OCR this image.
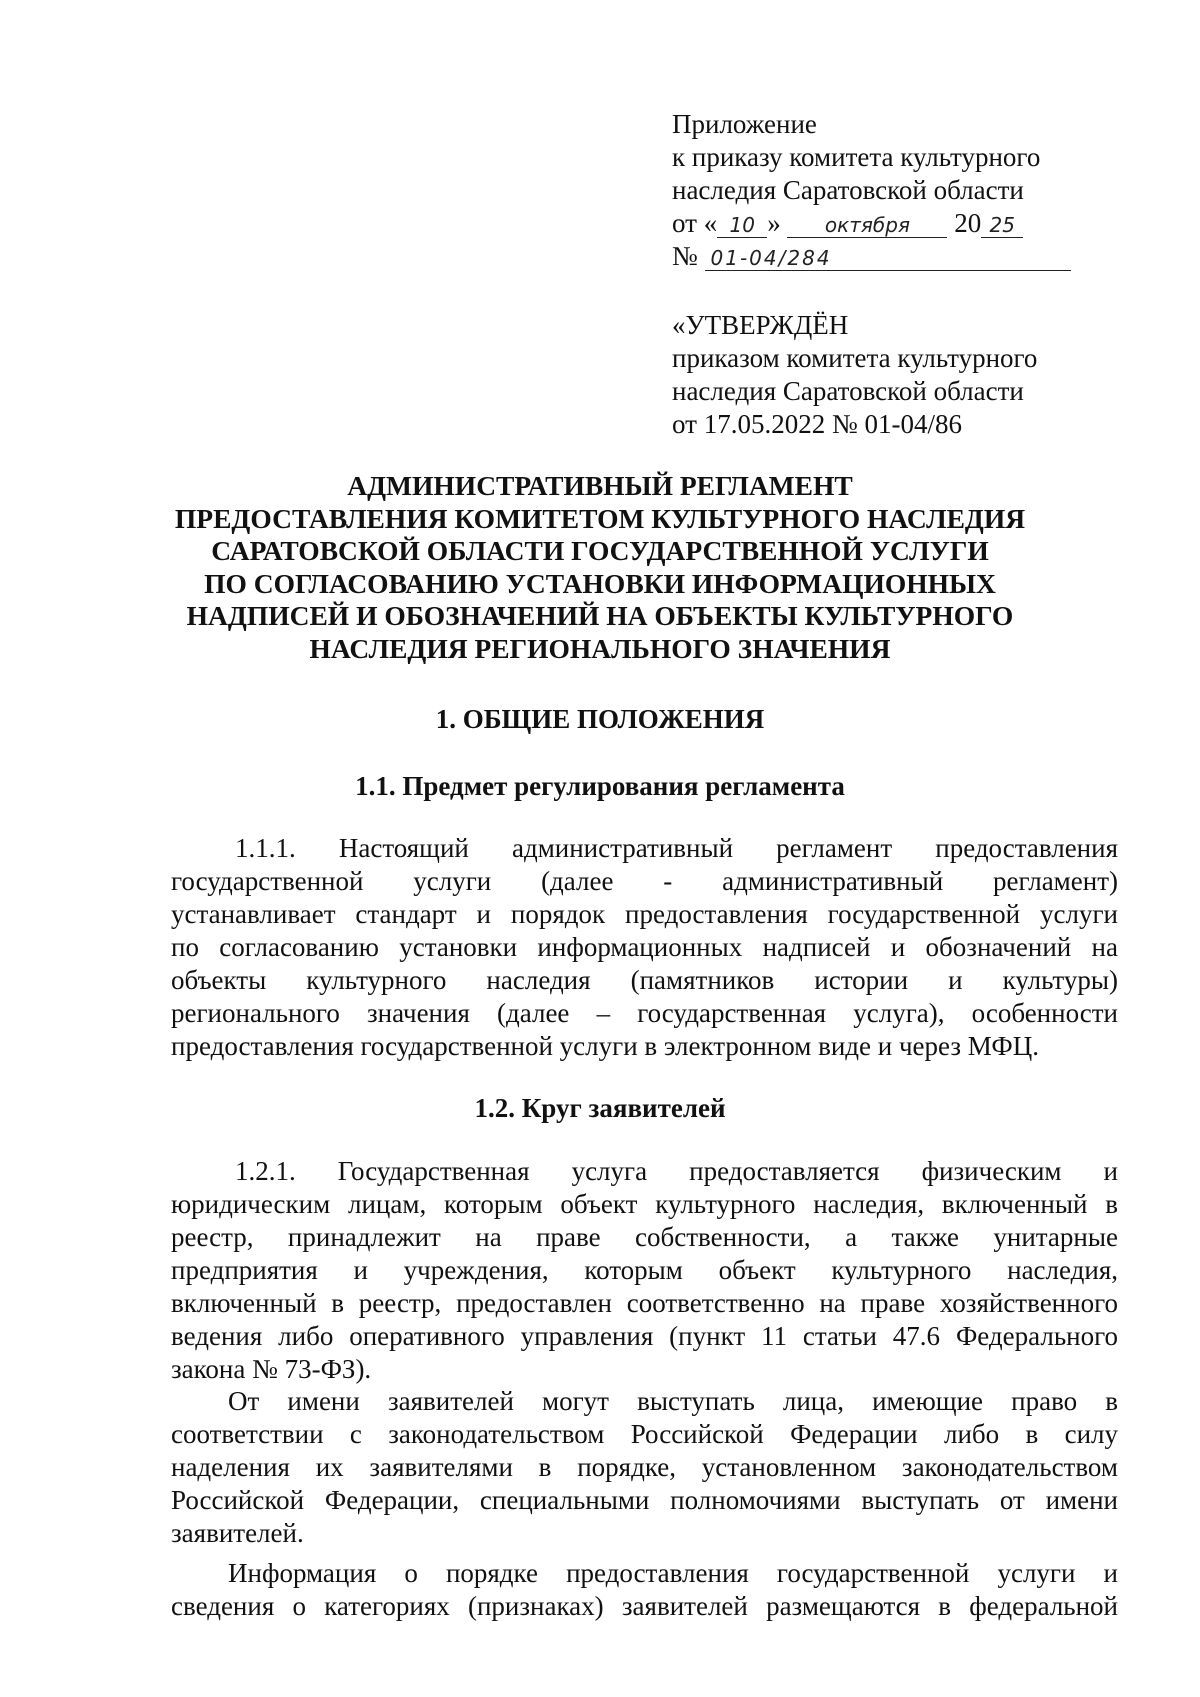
Приложение
к приказу комитета культурного
наследия Саратовской области
от « 10 » октября 20 25
№ 01-04/284
«УТВЕРЖДЁН
приказом комитета культурного
наследия Саратовской области
от 17.05.2022 № 01-04/86
АДМИНИСТРАТИВНЫЙ РЕГЛАМЕНТ
ПРЕДОСТАВЛЕНИЯ КОМИТЕТОМ КУЛЬТУРНОГО НАСЛЕДИЯ
САРАТОВСКОЙ ОБЛАСТИ ГОСУДАРСТВЕННОЙ УСЛУГИ
ПО СОГЛАСОВАНИЮ УСТАНОВКИ ИНФОРМАЦИОННЫХ
НАДПИСЕЙ И ОБОЗНАЧЕНИЙ НА ОБЪЕКТЫ КУЛЬТУРНОГО
НАСЛЕДИЯ РЕГИОНАЛЬНОГО ЗНАЧЕНИЯ
1. ОБЩИЕ ПОЛОЖЕНИЯ
1.1. Предмет регулирования регламента
1.1.1. Настоящий административный регламент предоставления
государственной услуги (далее - административный регламент)
устанавливает стандарт и порядок предоставления государственной услуги
по согласованию установки информационных надписей и обозначений на
объекты культурного наследия (памятников истории и культуры)
регионального значения (далее – государственная услуга), особенности
предоставления государственной услуги в электронном виде и через МФЦ.
1.2. Круг заявителей
1.2.1. Государственная услуга предоставляется физическим и
юридическим лицам, которым объект культурного наследия, включенный в
реестр, принадлежит на праве собственности, а также унитарные
предприятия и учреждения, которым объект культурного наследия,
включенный в реестр, предоставлен соответственно на праве хозяйственного
ведения либо оперативного управления (пункт 11 статьи 47.6 Федерального
закона № 73-ФЗ).
От имени заявителей могут выступать лица, имеющие право в
соответствии с законодательством Российской Федерации либо в силу
наделения их заявителями в порядке, установленном законодательством
Российской Федерации, специальными полномочиями выступать от имени
заявителей.
Информация о порядке предоставления государственной услуги и
сведения о категориях (признаках) заявителей размещаются в федеральной
